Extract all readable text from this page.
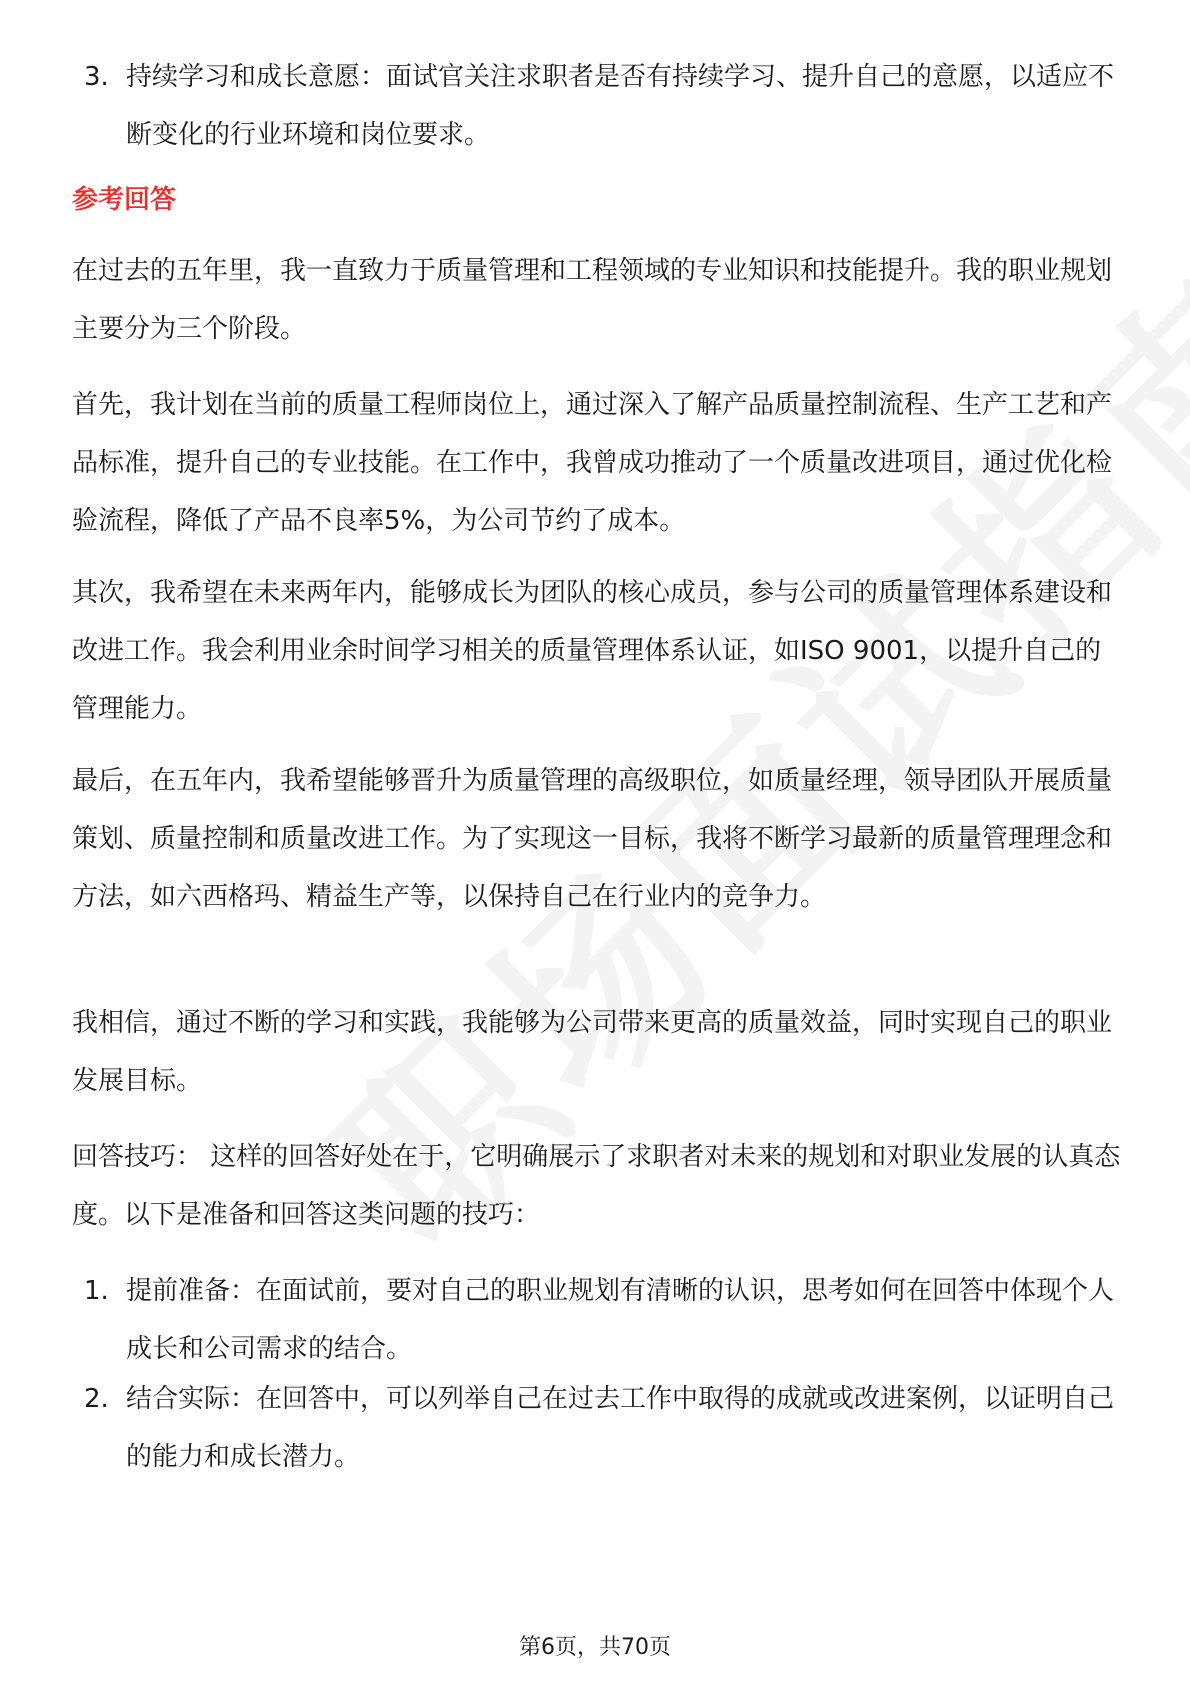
3. 持续学习和成长意愿：面试官关注求职者是否有持续学习、提升自己的意愿，以适应不断变化的行业环境和岗位要求。
参考回答
在过去的五年里，我一直致力于质量管理和工程领域的专业知识和技能提升。我的职业规划主要分为三个阶段。
首先，我计划在当前的质量工程师岗位上，通过深入了解产品质量控制流程、生产工艺和产品标准，提升自己的专业技能。在工作中，我曾成功推动了一个质量改进项目，通过优化检验流程，降低了产品不良率5%，为公司节约了成本。
其次，我希望在未来两年内，能够成长为团队的核心成员，参与公司的质量管理体系建设和改进工作。我会利用业余时间学习相关的质量管理体系认证，如ISO 9001，以提升自己的管理能力。
最后，在五年内，我希望能够晋升为质量管理的高级职位，如质量经理，领导团队开展质量策划、质量控制和质量改进工作。为了实现这一目标，我将不断学习最新的质量管理理念和方法，如六西格玛、精益生产等，以保持自己在行业内的竞争力。
我相信，通过不断的学习和实践，我能够为公司带来更高的质量效益，同时实现自己的职业发展目标。
回答技巧： 这样的回答好处在于，它明确展示了求职者对未来的规划和对职业发展的认真态度。以下是准备和回答这类问题的技巧：
1. 提前准备：在面试前，要对自己的职业规划有清晰的认识，思考如何在回答中体现个人成长和公司需求的结合。
2. 结合实际：在回答中，可以列举自己在过去工作中取得的成就或改进案例，以证明自己的能力和成长潜力。
第6页，共70页
